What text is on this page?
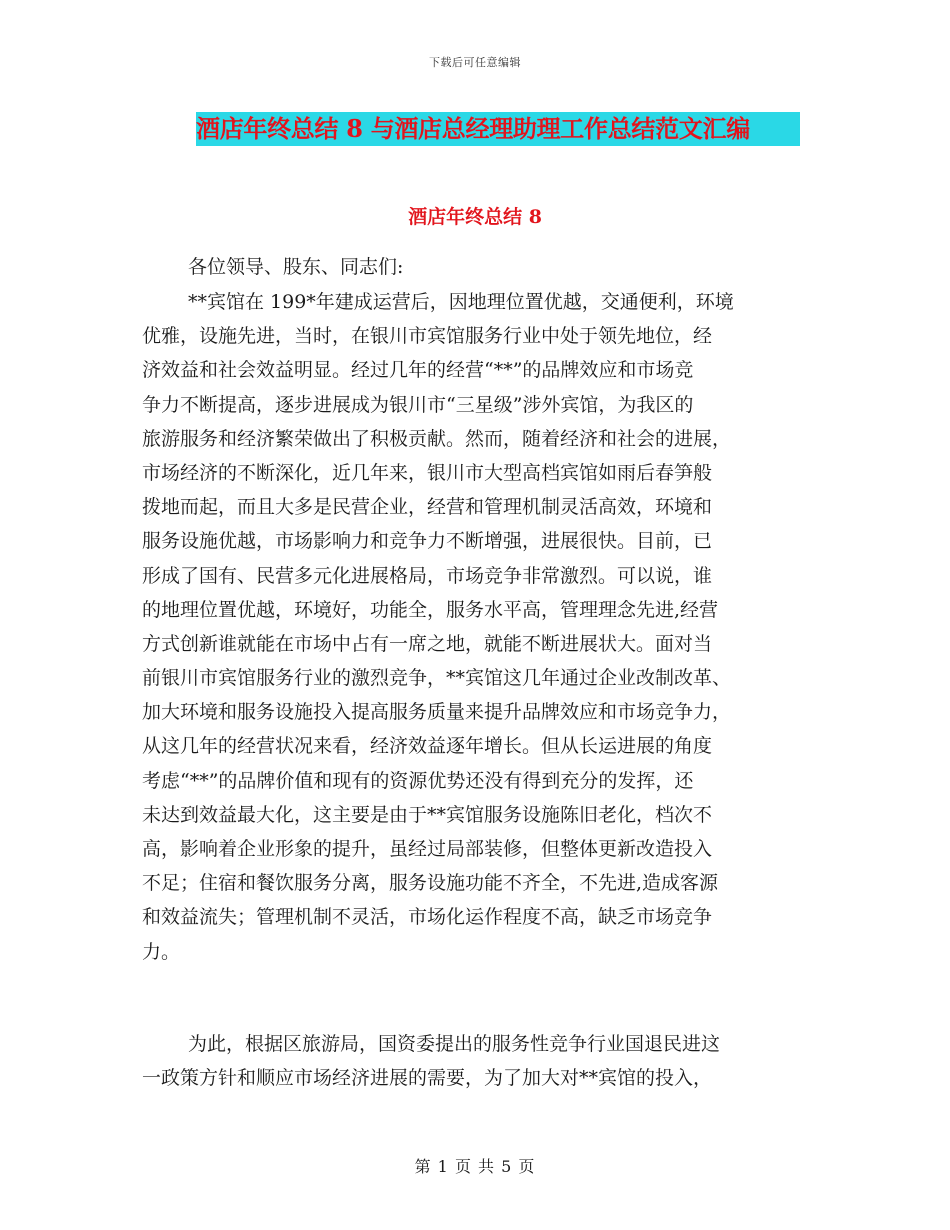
下载后可任意编辑
酒店年终总结 8 与酒店总经理助理工作总结范文汇编
酒店年终总结 8
各位领导、股东、同志们:
**宾馆在 199*年建成运营后，因地理位置优越，交通便利，环境
优雅，设施先进，当时，在银川市宾馆服务行业中处于领先地位，经
济效益和社会效益明显。经过几年的经营“**”的品牌效应和市场竞
争力不断提高，逐步进展成为银川市“三星级”涉外宾馆，为我区的
旅游服务和经济繁荣做出了积极贡献。然而，随着经济和社会的进展，
市场经济的不断深化，近几年来，银川市大型高档宾馆如雨后春笋般
拨地而起，而且大多是民营企业，经营和管理机制灵活高效，环境和
服务设施优越，市场影响力和竞争力不断增强，进展很快。目前，已
形成了国有、民营多元化进展格局，市场竞争非常激烈。可以说，谁
的地理位置优越，环境好，功能全，服务水平高，管理理念先进,经营
方式创新谁就能在市场中占有一席之地，就能不断进展状大。面对当
前银川市宾馆服务行业的激烈竞争，**宾馆这几年通过企业改制改革、
加大环境和服务设施投入提高服务质量来提升品牌效应和市场竞争力，
从这几年的经营状况来看，经济效益逐年增长。但从长运进展的角度
考虑“**”的品牌价值和现有的资源优势还没有得到充分的发挥，还
未达到效益最大化，这主要是由于**宾馆服务设施陈旧老化，档次不
高，影响着企业形象的提升，虽经过局部装修，但整体更新改造投入
不足；住宿和餐饮服务分离，服务设施功能不齐全，不先进,造成客源
和效益流失；管理机制不灵活，市场化运作程度不高，缺乏市场竞争
力。
为此，根据区旅游局，国资委提出的服务性竞争行业国退民进这
一政策方针和顺应市场经济进展的需要，为了加大对**宾馆的投入，
第 1 页 共 5 页
